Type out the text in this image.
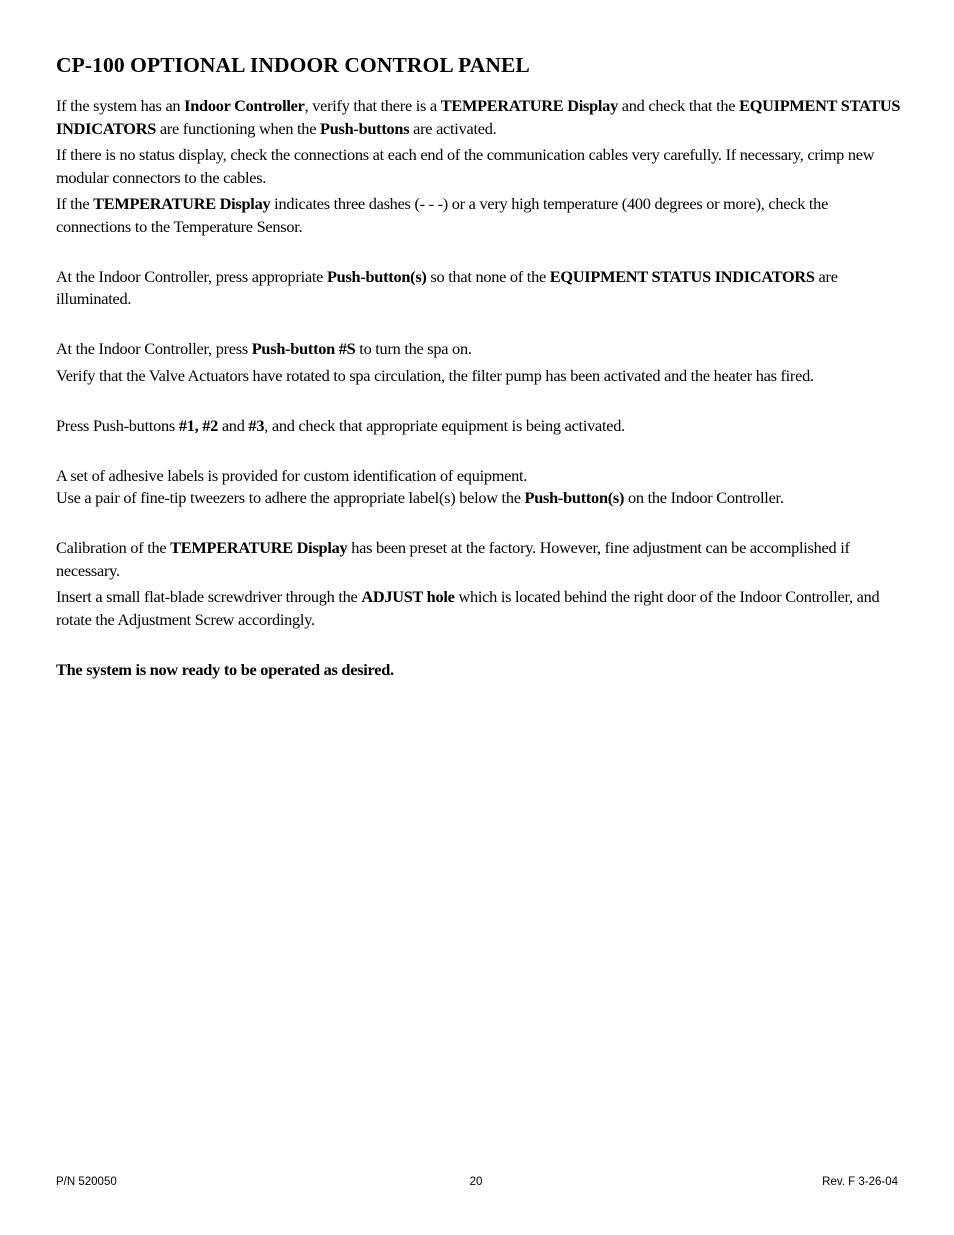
CP-100 OPTIONAL INDOOR CONTROL PANEL

If the system has an Indoor Controller, verify that there is a TEMPERATURE Display and check that the EQUIPMENT STATUS INDICATORS are functioning when the Push-buttons are activated.

If there is no status display, check the connections at each end of the communication cables very carefully. If necessary, crimp new modular connectors to the cables.

If the TEMPERATURE Display indicates three dashes (- - -) or a very high temperature (400 degrees or more), check the connections to the Temperature Sensor.

At the Indoor Controller, press appropriate Push-button(s) so that none of the EQUIPMENT STATUS INDICATORS are illuminated.

At the Indoor Controller, press Push-button #S to turn the spa on.

Verify that the Valve Actuators have rotated to spa circulation, the filter pump has been activated and the heater has fired.

Press Push-buttons #1, #2 and #3, and check that appropriate equipment is being activated.

A set of adhesive labels is provided for custom identification of equipment.

Use a pair of fine-tip tweezers to adhere the appropriate label(s) below the Push-button(s) on the Indoor Controller.

Calibration of the TEMPERATURE Display has been preset at the factory. However, fine adjustment can be accomplished if necessary.

Insert a small flat-blade screwdriver through the ADJUST hole which is located behind the right door of the Indoor Controller, and rotate the Adjustment Screw accordingly.

The system is now ready to be operated as desired.

P/N 520050	20	Rev. F 3-26-04
